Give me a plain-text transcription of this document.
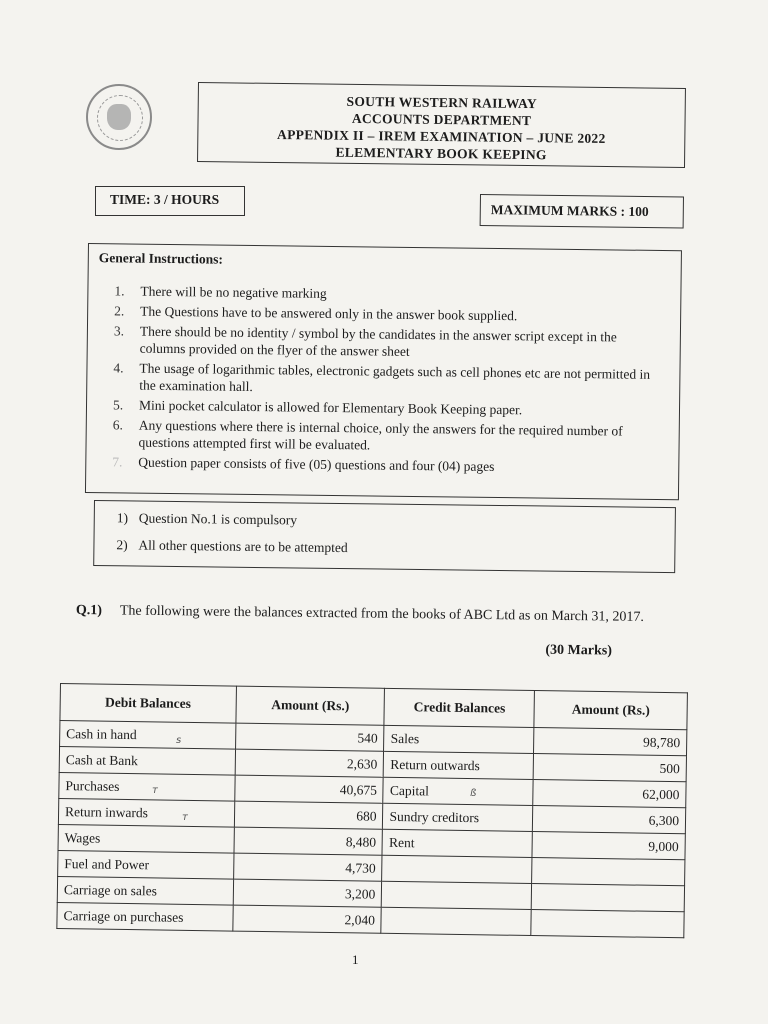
SOUTH WESTERN RAILWAY
ACCOUNTS DEPARTMENT
APPENDIX II – IREM EXAMINATION – JUNE 2022
ELEMENTARY BOOK KEEPING
TIME: 3 / HOURS
MAXIMUM MARKS : 100
General Instructions:
1. There will be no negative marking
2. The Questions have to be answered only in the answer book supplied.
3. There should be no identity / symbol by the candidates in the answer script except in the columns provided on the flyer of the answer sheet
4. The usage of logarithmic tables, electronic gadgets such as cell phones etc are not permitted in the examination hall.
5. Mini pocket calculator is allowed for Elementary Book Keeping paper.
6. Any questions where there is internal choice, only the answers for the required number of questions attempted first will be evaluated.
7. Question paper consists of five (05) questions and four (04) pages
1) Question No.1 is compulsory
2) All other questions are to be attempted
Q.1) The following were the balances extracted from the books of ABC Ltd as on March 31, 2017.
(30 Marks)
Debit Balances	Amount (Rs.)	Credit Balances	Amount (Rs.)
Cash in hand	540	Sales	98,780
Cash at Bank	2,630	Return outwards	500
Purchases	40,675	Capital	62,000
Return inwards	680	Sundry creditors	6,300
Wages	8,480	Rent	9,000
Fuel and Power	4,730		
Carriage on sales	3,200		
Carriage on purchases	2,040		
ѕ
т
т
ß
1
